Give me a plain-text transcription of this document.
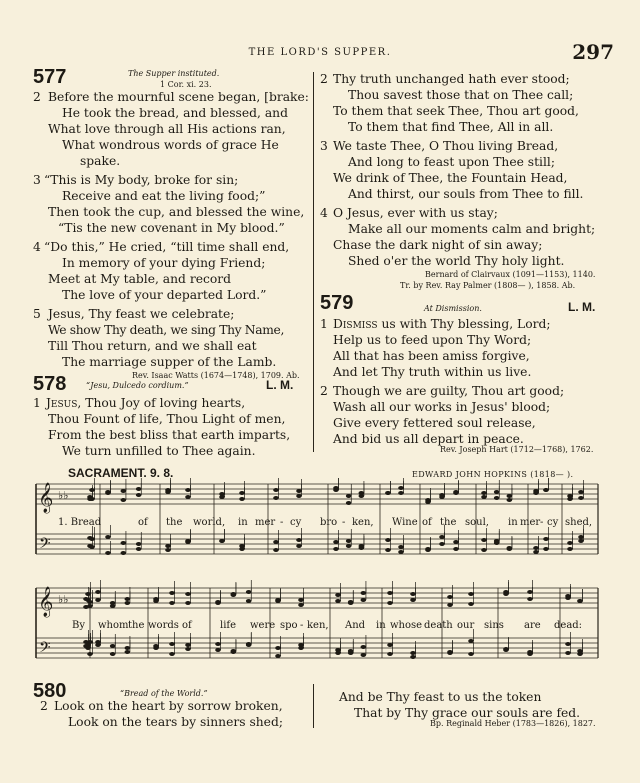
THE LORD'S SUPPER.	297
577	The Supper instituted.
1 Cor. xi. 23.
2 Before the mournful scene began, [brake:
He took the bread, and blessed, and
What love through all His actions ran,
What wondrous words of grace He
spake.
3 “This is My body, broke for sin;
Receive and eat the living food;”
Then took the cup, and blessed the wine,
“Tis the new covenant in My blood.”
4 “Do this,” He cried, “till time shall end,
In memory of your dying Friend;
Meet at My table, and record
The love of your departed Lord.”
5 Jesus, Thy feast we celebrate;
We show Thy death, we sing Thy Name,
Till Thou return, and we shall eat
The marriage supper of the Lamb.
Rev. Isaac Watts (1674—1748), 1709. Ab.
578 “Jesu, Dulcedo cordium.”	L. M.
1 Jesus, Thou Joy of loving hearts,
Thou Fount of life, Thou Light of men,
From the best bliss that earth imparts,
We turn unfilled to Thee again.
2 Thy truth unchanged hath ever stood;
Thou savest those that on Thee call;
To them that seek Thee, Thou art good,
To them that find Thee, All in all.
3 We taste Thee, O Thou living Bread,
And long to feast upon Thee still;
We drink of Thee, the Fountain Head,
And thirst, our souls from Thee to fill.
4 O Jesus, ever with us stay;
Make all our moments calm and bright;
Chase the dark night of sin away;
Shed o'er the world Thy holy light.
Bernard of Clairvaux (1091—1153), 1140.
Tr. by Rev. Ray Palmer (1808— ), 1858. Ab.
579	At Dismission.	L. M.
1 Dismiss us with Thy blessing, Lord;
Help us to feed upon Thy Word;
All that has been amiss forgive,
And let Thy truth within us live.
2 Though we are guilty, Thou art good;
Wash all our works in Jesus' blood;
Give every fettered soul release,
And bid us all depart in peace.
Rev. Joseph Hart (1712—1768), 1762.
SACRAMENT. 9. 8.	EDWARD JOHN HOPKINS (1818— ).
𝄞
𝄢
♭♭
𝄞
𝄢
♭♭
1. Bread	of the world, in mer - cy bro - ken, Wine of the soul, in mer - cy shed,
By whom the words of	life were spo - ken, And in whose death our sins are dead:
580	“Bread of the World.”
2 Look on the heart by sorrow broken,
Look on the tears by sinners shed;
And be Thy feast to us the token
That by Thy grace our souls are fed.
Bp. Reginald Heber (1783—1826), 1827.
